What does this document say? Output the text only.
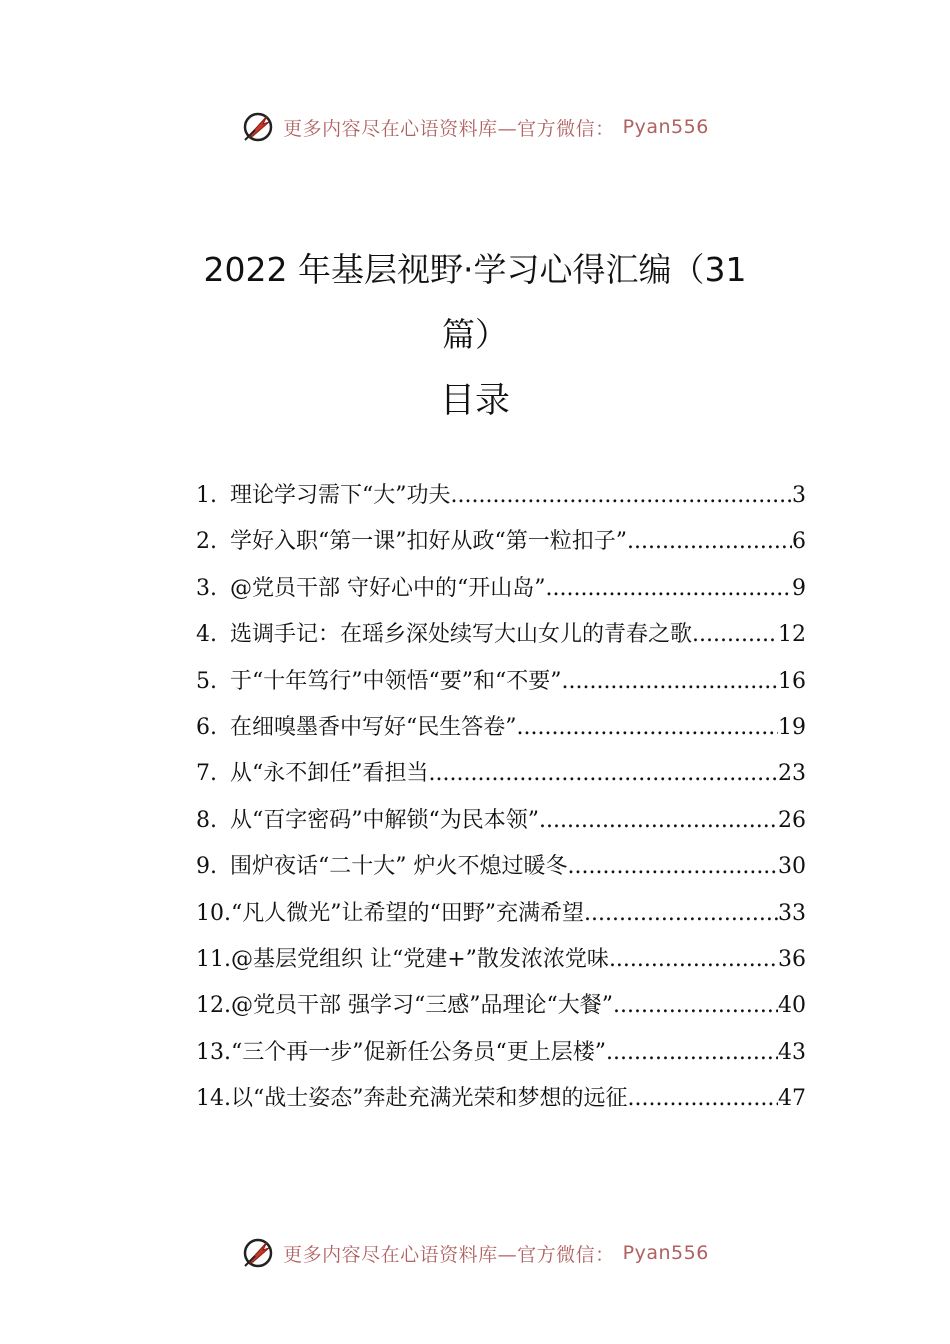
更多内容尽在心语资料库—官方微信： Pyan556
2022 年基层视野·学习心得汇编（31
篇）
目录
1. 理论学习需下“大”功夫 .....	3
2. 学好入职“第一课”扣好从政“第一粒扣子” .....	6
3. @党员干部 守好心中的“开山岛” .....	9
4. 选调手记：在瑶乡深处续写大山女儿的青春之歌 .....	12
5. 于“十年笃行”中领悟“要”和“不要” .....	16
6. 在细嗅墨香中写好“民生答卷” .....	19
7. 从“永不卸任”看担当 .....	23
8. 从“百字密码”中解锁“为民本领” .....	26
9. 围炉夜话“二十大” 炉火不熄过暖冬 .....	30
10. “凡人微光”让希望的“田野”充满希望 .....	33
11. @基层党组织 让“党建+”散发浓浓党味 .....	36
12. @党员干部 强学习“三感”品理论“大餐” .....	40
13. “三个再一步”促新任公务员“更上层楼” .....	43
14. 以“战士姿态”奔赴充满光荣和梦想的远征 .....	47
更多内容尽在心语资料库—官方微信： Pyan556
